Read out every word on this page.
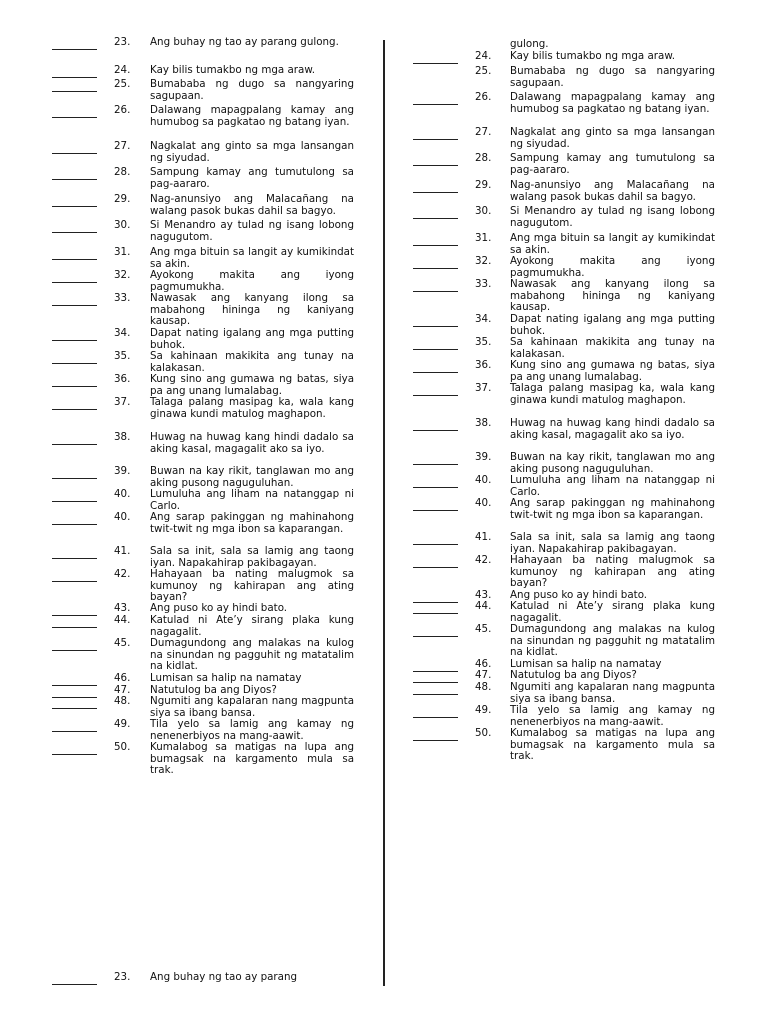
23. Ang buhay ng tao ay parang gulong.
24. Kay bilis tumakbo ng mga araw.
25. Bumababa ng dugo sa nangyaring sagupaan.
26. Dalawang mapagpalang kamay ang humubog sa pagkatao ng batang iyan.
27. Nagkalat ang ginto sa mga lansangan ng siyudad.
28. Sampung kamay ang tumutulong sa pag-aararo.
29. Nag-anunsiyo ang Malacañang na walang pasok bukas dahil sa bagyo.
30. Si Menandro ay tulad ng isang lobong nagugutom.
31. Ang mga bituin sa langit ay kumikindat sa akin.
32. Ayokong makita ang iyong pagmumukha.
33. Nawasak ang kanyang ilong sa mabahong hininga ng kaniyang kausap.
34. Dapat nating igalang ang mga putting buhok.
35. Sa kahinaan makikita ang tunay na kalakasan.
36. Kung sino ang gumawa ng batas, siya pa ang unang lumalabag.
37. Talaga palang masipag ka, wala kang ginawa kundi matulog maghapon.
38. Huwag na huwag kang hindi dadalo sa aking kasal, magagalit ako sa iyo.
39. Buwan na kay rikit, tanglawan mo ang aking pusong naguguluhan.
40. Lumuluha ang liham na natanggap ni Carlo.
40. Ang sarap pakinggan ng mahinahong twit-twit ng mga ibon sa kaparangan.
41. Sala sa init, sala sa lamig ang taong iyan. Napakahirap pakibagayan.
42. Hahayaan ba nating malugmok sa kumunoy ng kahirapan ang ating bayan?
43. Ang puso ko ay hindi bato.
44. Katulad ni Ate’y sirang plaka kung nagagalit.
45. Dumagundong ang malakas na kulog na sinundan ng pagguhit ng matatalim na kidlat.
46. Lumisan sa halip na namatay
47. Natutulog ba ang Diyos?
48. Ngumiti ang kapalaran nang magpunta siya sa ibang bansa.
49. Tila yelo sa lamig ang kamay ng nenenerbiyos na mang-aawit.
50. Kumalabog sa matigas na lupa ang bumagsak na kargamento mula sa trak.
23. Ang buhay ng tao ay parang
gulong.
24. Kay bilis tumakbo ng mga araw.
25. Bumababa ng dugo sa nangyaring sagupaan.
26. Dalawang mapagpalang kamay ang humubog sa pagkatao ng batang iyan.
27. Nagkalat ang ginto sa mga lansangan ng siyudad.
28. Sampung kamay ang tumutulong sa pag-aararo.
29. Nag-anunsiyo ang Malacañang na walang pasok bukas dahil sa bagyo.
30. Si Menandro ay tulad ng isang lobong nagugutom.
31. Ang mga bituin sa langit ay kumikindat sa akin.
32. Ayokong makita ang iyong pagmumukha.
33. Nawasak ang kanyang ilong sa mabahong hininga ng kaniyang kausap.
34. Dapat nating igalang ang mga putting buhok.
35. Sa kahinaan makikita ang tunay na kalakasan.
36. Kung sino ang gumawa ng batas, siya pa ang unang lumalabag.
37. Talaga palang masipag ka, wala kang ginawa kundi matulog maghapon.
38. Huwag na huwag kang hindi dadalo sa aking kasal, magagalit ako sa iyo.
39. Buwan na kay rikit, tanglawan mo ang aking pusong naguguluhan.
40. Lumuluha ang liham na natanggap ni Carlo.
40. Ang sarap pakinggan ng mahinahong twit-twit ng mga ibon sa kaparangan.
41. Sala sa init, sala sa lamig ang taong iyan. Napakahirap pakibagayan.
42. Hahayaan ba nating malugmok sa kumunoy ng kahirapan ang ating bayan?
43. Ang puso ko ay hindi bato.
44. Katulad ni Ate’y sirang plaka kung nagagalit.
45. Dumagundong ang malakas na kulog na sinundan ng pagguhit ng matatalim na kidlat.
46. Lumisan sa halip na namatay
47. Natutulog ba ang Diyos?
48. Ngumiti ang kapalaran nang magpunta siya sa ibang bansa.
49. Tila yelo sa lamig ang kamay ng nenenerbiyos na mang-aawit.
50. Kumalabog sa matigas na lupa ang bumagsak na kargamento mula sa trak.
